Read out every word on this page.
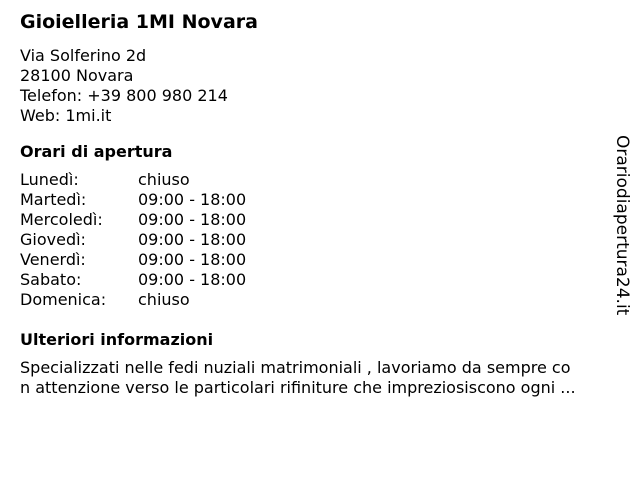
Gioielleria 1MI Novara
Via Solferino 2d
28100 Novara
Telefon: +39 800 980 214
Web: 1mi.it
Orari di apertura
Lunedì:	chiuso
Martedì:	09:00 - 18:00
Mercoledì: 09:00 - 18:00
Giovedì:	09:00 - 18:00
Venerdì:	09:00 - 18:00
Sabato:	09:00 - 18:00
Domenica: chiuso
Ulteriori informazioni
Specializzati nelle fedi nuziali matrimoniali , lavoriamo da sempre co
n attenzione verso le particolari rifiniture che impreziosiscono ogni ...
Orariodiapertura24.it
